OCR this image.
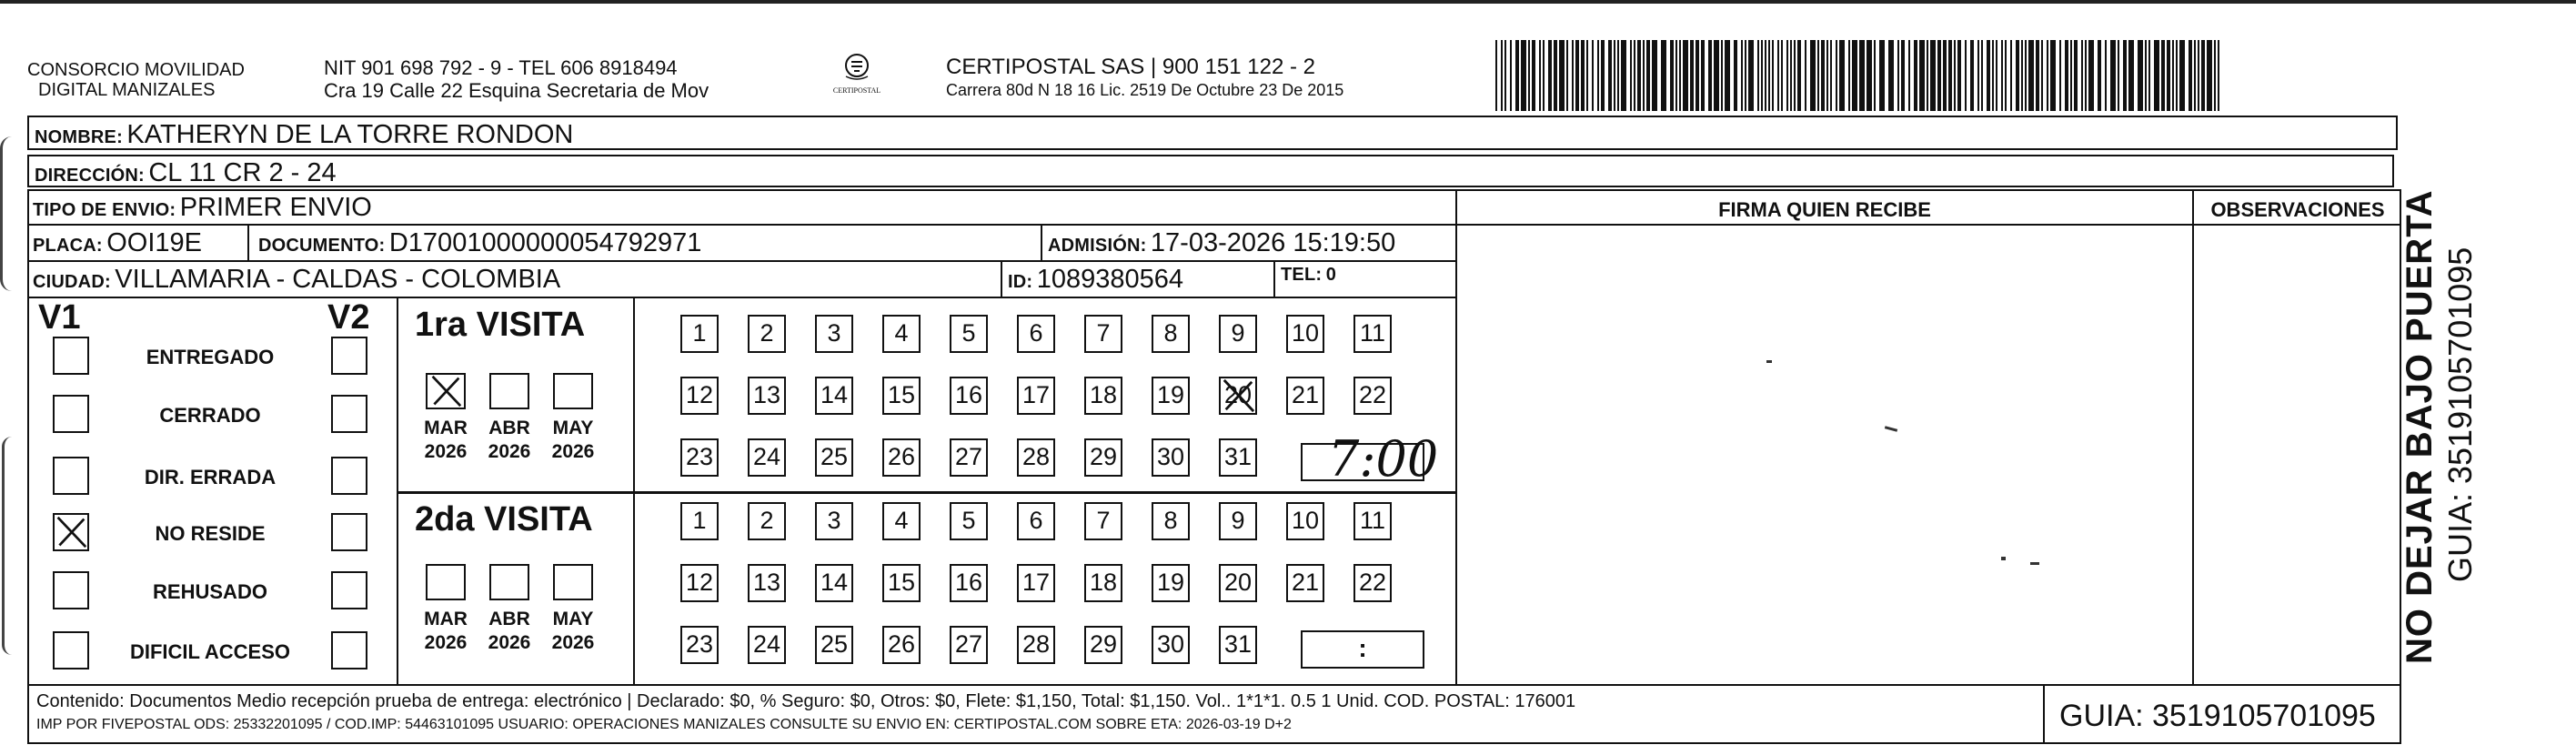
CONSORCIO MOVILIDAD
DIGITAL MANIZALES
NIT 901 698 792 - 9 - TEL 606 8918494
Cra 19 Calle 22 Esquina Secretaria de Mov	CERTIPOSTAL
CERTIPOSTAL SAS | 900 151 122 - 2
Carrera 80d N 18 16 Lic. 2519 De Octubre 23 De 2015
NOMBRE: KATHERYN DE LA TORRE RONDON
DIRECCIÓN: CL 11 CR 2 - 24
TIPO DE ENVIO: PRIMER ENVIO	FIRMA QUIEN RECIBE	OBSERVACIONES
PLACA: OOI19E	DOCUMENTO: D17001000000054792971	ADMISIÓN: 17-03-2026 15:19:50
CIUDAD: VILLAMARIA - CALDAS - COLOMBIA	ID: 1089380564	TEL: 0
V1	V2
ENTREGADO
CERRADO
DIR. ERRADA
NO RESIDE
REHUSADO
DIFICIL ACCESO
1ra VISITA
2da VISITA
MAR
2026
ABR
2026
MAY
2026
MAR
2026
ABR
2026
MAY
2026
1	2	3	4	5	6	7	8	9	10 11
12 13 14 15 16 17 18 19 20 21 22
23 24 25 26 27 28 29 30 31
1	2	3	4	5	6	7	8	9	10 11
12 13 14 15 16 17 18 19 20 21 22
23 24 25 26 27 28 29 30 31
7:00
:
Contenido: Documentos Medio recepción prueba de entrega: electrónico | Declarado: $0, % Seguro: $0, Otros: $0, Flete: $1,150, Total: $1,150. Vol.. 1*1*1. 0.5 1 Unid. COD. POSTAL: 176001
IMP POR FIVEPOSTAL ODS: 25332201095 / COD.IMP: 54463101095 USUARIO: OPERACIONES MANIZALES CONSULTE SU ENVIO EN: CERTIPOSTAL.COM SOBRE ETA: 2026-03-19 D+2	GUIA: 3519105701095
NO DEJAR BAJO PUERTA GUIA: 3519105701095
